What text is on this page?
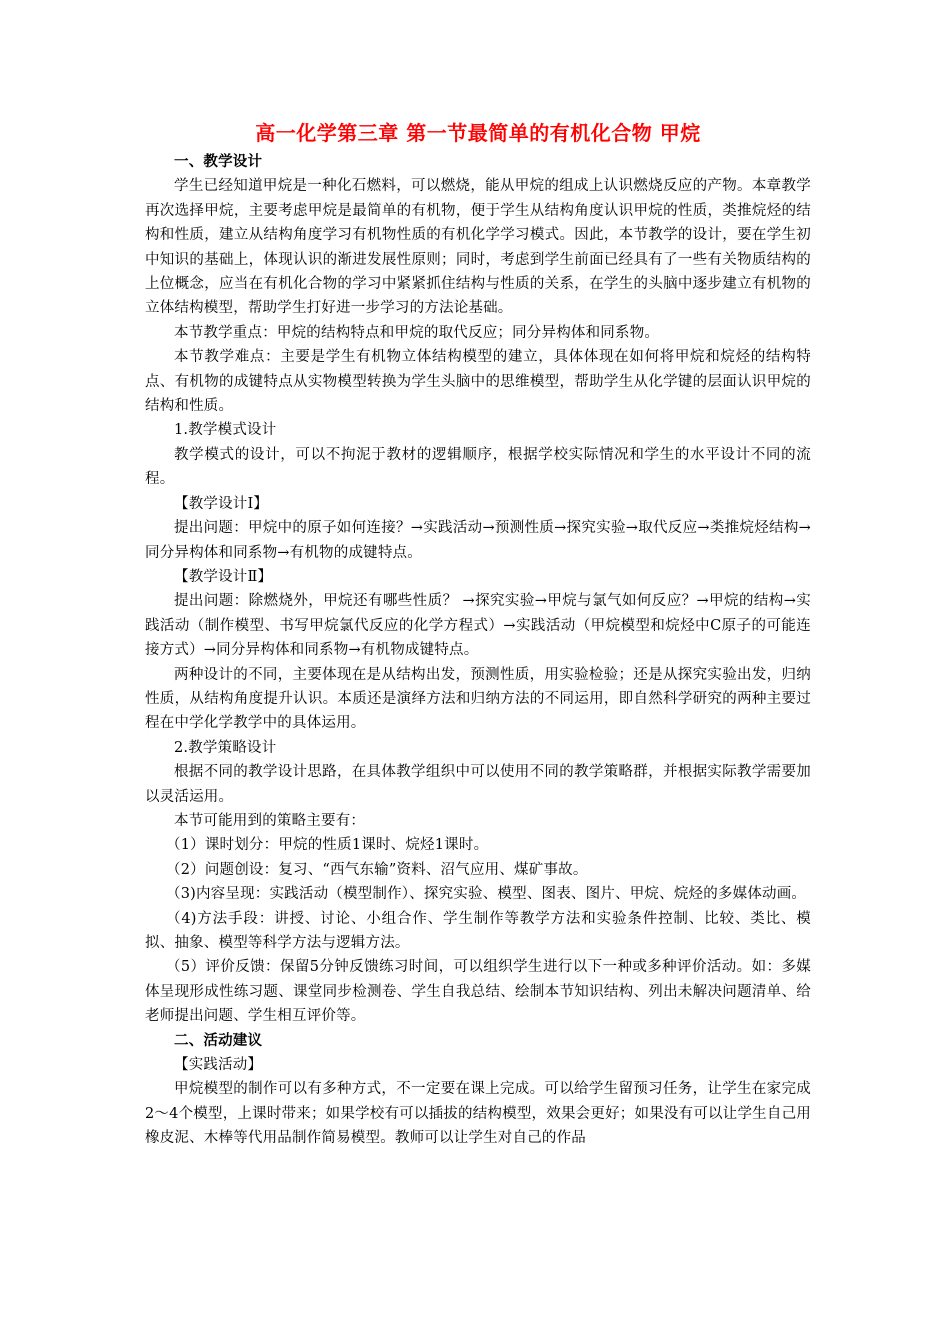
高一化学第三章 第一节最简单的有机化合物 甲烷

一、教学设计

学生已经知道甲烷是一种化石燃料，可以燃烧，能从甲烷的组成上认识燃烧反应的产物。本章教学再次选择甲烷，主要考虑甲烷是最简单的有机物，便于学生从结构角度认识甲烷的性质，类推烷烃的结构和性质，建立从结构角度学习有机物性质的有机化学学习模式。因此，本节教学的设计，要在学生初中知识的基础上，体现认识的渐进发展性原则；同时，考虑到学生前面已经具有了一些有关物质结构的上位概念，应当在有机化合物的学习中紧紧抓住结构与性质的关系，在学生的头脑中逐步建立有机物的立体结构模型，帮助学生打好进一步学习的方法论基础。

本节教学重点：甲烷的结构特点和甲烷的取代反应；同分异构体和同系物。

本节教学难点：主要是学生有机物立体结构模型的建立，具体体现在如何将甲烷和烷烃的结构特点、有机物的成键特点从实物模型转换为学生头脑中的思维模型，帮助学生从化学键的层面认识甲烷的结构和性质。

1.教学模式设计

教学模式的设计，可以不拘泥于教材的逻辑顺序，根据学校实际情况和学生的水平设计不同的流程。

【教学设计Ⅰ】

提出问题：甲烷中的原子如何连接？→实践活动→预测性质→探究实验→取代反应→类推烷烃结构→同分异构体和同系物→有机物的成键特点。

【教学设计Ⅱ】

提出问题：除燃烧外，甲烷还有哪些性质？ →探究实验→甲烷与氯气如何反应？→甲烷的结构→实践活动（制作模型、书写甲烷氯代反应的化学方程式）→实践活动（甲烷模型和烷烃中C原子的可能连接方式）→同分异构体和同系物→有机物成键特点。

两种设计的不同，主要体现在是从结构出发，预测性质，用实验检验；还是从探究实验出发，归纳性质，从结构角度提升认识。本质还是演绎方法和归纳方法的不同运用，即自然科学研究的两种主要过程在中学化学教学中的具体运用。

2.教学策略设计

根据不同的教学设计思路，在具体教学组织中可以使用不同的教学策略群，并根据实际教学需要加以灵活运用。

本节可能用到的策略主要有：

（1）课时划分：甲烷的性质1课时、烷烃1课时。

（2）问题创设：复习、“西气东输”资料、沼气应用、煤矿事故。

（3)内容呈现：实践活动（模型制作）、探究实验、模型、图表、图片、甲烷、烷烃的多媒体动画。

（4)方法手段：讲授、讨论、小组合作、学生制作等教学方法和实验条件控制、比较、类比、模拟、抽象、模型等科学方法与逻辑方法。

（5）评价反馈：保留5分钟反馈练习时间，可以组织学生进行以下一种或多种评价活动。如：多媒体呈现形成性练习题、课堂同步检测卷、学生自我总结、绘制本节知识结构、列出未解决问题清单、给老师提出问题、学生相互评价等。

二、活动建议

【实践活动】

甲烷模型的制作可以有多种方式，不一定要在课上完成。可以给学生留预习任务，让学生在家完成2～4个模型，上课时带来；如果学校有可以插拔的结构模型，效果会更好；如果没有可以让学生自己用橡皮泥、木棒等代用品制作简易模型。教师可以让学生对自己的作品
